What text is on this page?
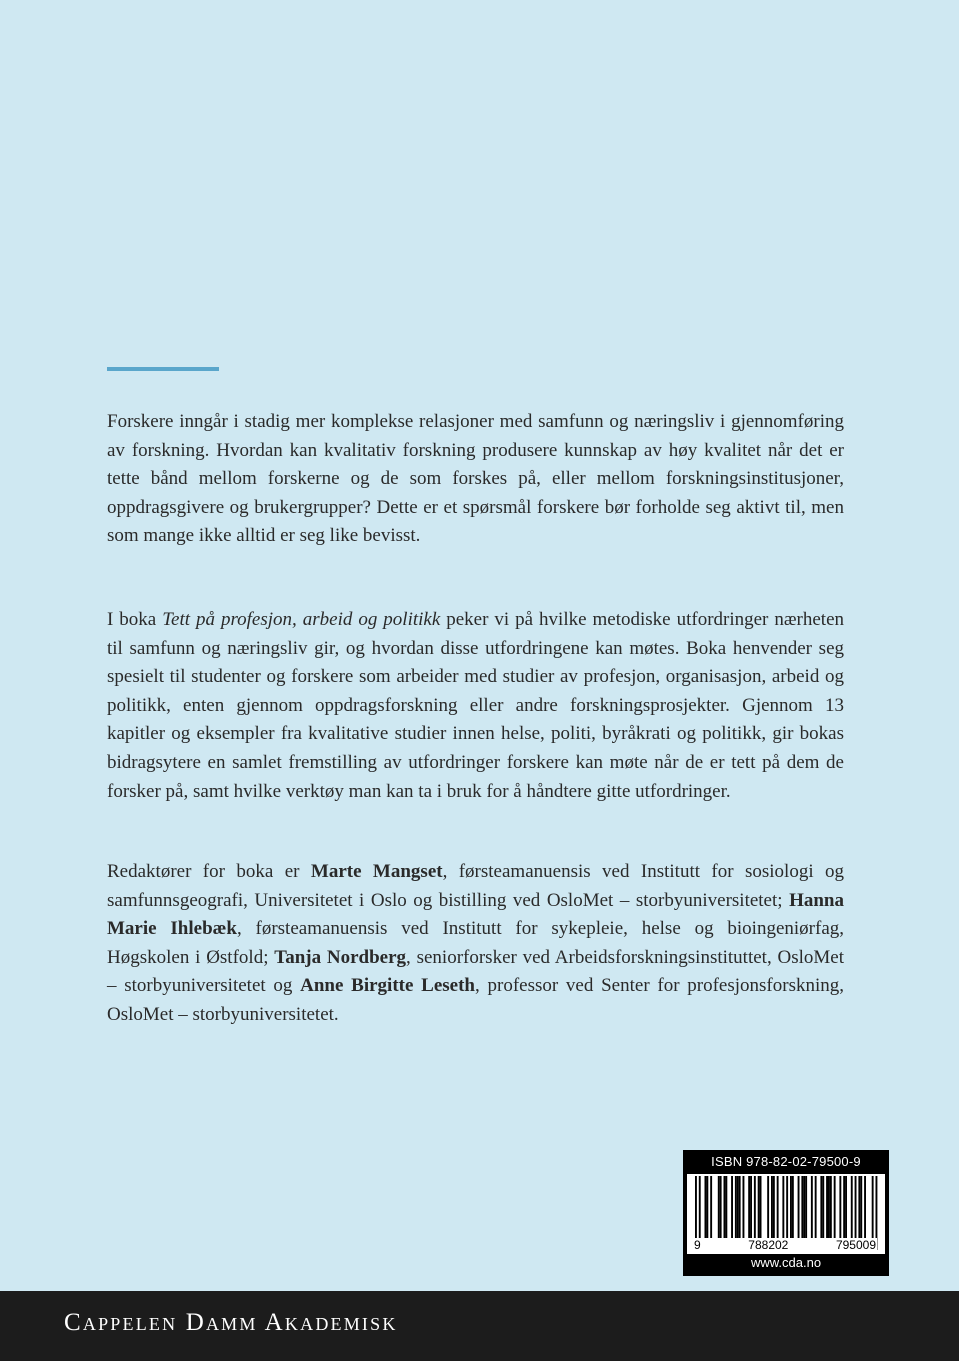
Forskere inngår i stadig mer komplekse relasjoner med samfunn og næringsliv i gjennomføring av forskning. Hvordan kan kvalitativ forskning produsere kunnskap av høy kvalitet når det er tette bånd mellom forskerne og de som forskes på, eller mellom forskningsinstitusjoner, oppdragsgivere og brukergrupper? Dette er et spørsmål forskere bør forholde seg aktivt til, men som mange ikke alltid er seg like bevisst.

I boka Tett på profesjon, arbeid og politikk peker vi på hvilke metodiske utfordringer nærheten til samfunn og næringsliv gir, og hvordan disse utfordringene kan møtes. Boka henvender seg spesielt til studenter og forskere som arbeider med studier av profesjon, organisasjon, arbeid og politikk, enten gjennom oppdragsforskning eller andre forskningsprosjekter. Gjennom 13 kapitler og eksempler fra kvalitative studier innen helse, politi, byråkrati og politikk, gir bokas bidragsytere en samlet fremstilling av utfordringer forskere kan møte når de er tett på dem de forsker på, samt hvilke verktøy man kan ta i bruk for å håndtere gitte utfordringer.

Redaktører for boka er Marte Mangset, førsteamanuensis ved Institutt for sosiologi og samfunnsgeografi, Universitetet i Oslo og bistilling ved OsloMet – storbyuniversitetet; Hanna Marie Ihlebæk, førsteamanuensis ved Institutt for sykepleie, helse og bioingeniørfag, Høgskolen i Østfold; Tanja Nordberg, seniorforsker ved Arbeidsforskningsinstituttet, OsloMet – storbyuniversitetet og Anne Birgitte Leseth, professor ved Senter for profesjonsforskning, OsloMet – storbyuniversitetet.

ISBN 978-82-02-79500-9
9	788202	795009
www.cda.no
Cappelen Damm Akademisk
